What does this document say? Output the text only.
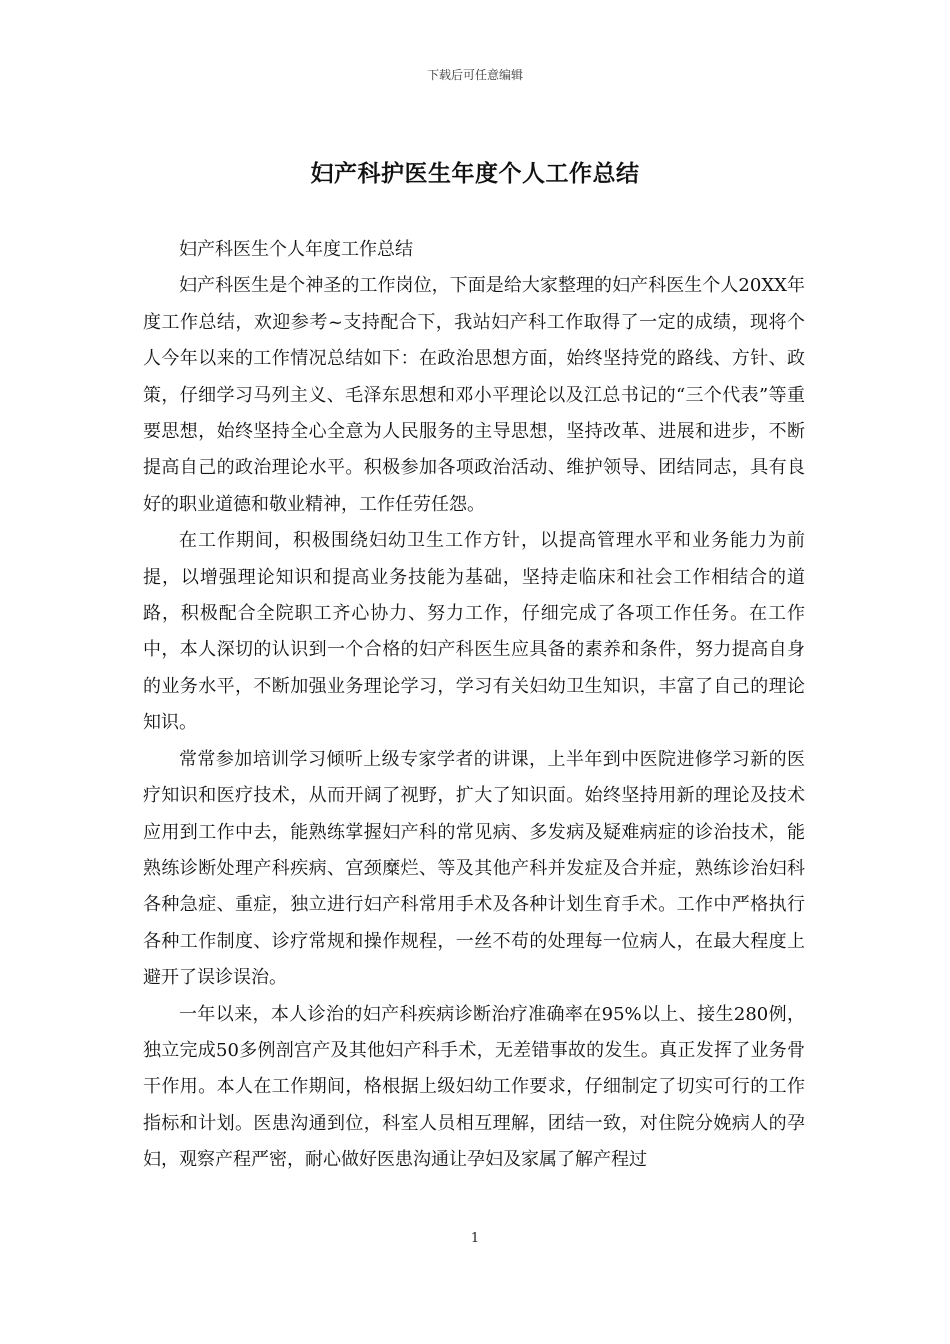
下载后可任意编辑
妇产科护医生年度个人工作总结

妇产科医生个人年度工作总结

妇产科医生是个神圣的工作岗位，下面是给大家整理的妇产科医生个人20XX年度工作总结，欢迎参考~支持配合下，我站妇产科工作取得了一定的成绩，现将个人今年以来的工作情况总结如下：在政治思想方面，始终坚持党的路线、方针、政策，仔细学习马列主义、毛泽东思想和邓小平理论以及江总书记的“三个代表”等重要思想，始终坚持全心全意为人民服务的主导思想，坚持改革、进展和进步，不断提高自己的政治理论水平。积极参加各项政治活动、维护领导、团结同志，具有良好的职业道德和敬业精神，工作任劳任怨。

在工作期间，积极围绕妇幼卫生工作方针，以提高管理水平和业务能力为前提，以增强理论知识和提高业务技能为基础，坚持走临床和社会工作相结合的道路，积极配合全院职工齐心协力、努力工作，仔细完成了各项工作任务。在工作中，本人深切的认识到一个合格的妇产科医生应具备的素养和条件，努力提高自身的业务水平，不断加强业务理论学习，学习有关妇幼卫生知识，丰富了自己的理论知识。

常常参加培训学习倾听上级专家学者的讲课，上半年到中医院进修学习新的医疗知识和医疗技术，从而开阔了视野，扩大了知识面。始终坚持用新的理论及技术应用到工作中去，能熟练掌握妇产科的常见病、多发病及疑难病症的诊治技术，能熟练诊断处理产科疾病、宫颈糜烂、等及其他产科并发症及合并症，熟练诊治妇科各种急症、重症，独立进行妇产科常用手术及各种计划生育手术。工作中严格执行各种工作制度、诊疗常规和操作规程，一丝不苟的处理每一位病人，在最大程度上避开了误诊误治。

一年以来，本人诊治的妇产科疾病诊断治疗准确率在95%以上、接生280例，独立完成50多例剖宫产及其他妇产科手术，无差错事故的发生。真正发挥了业务骨干作用。本人在工作期间，格根据上级妇幼工作要求，仔细制定了切实可行的工作指标和计划。医患沟通到位，科室人员相互理解，团结一致，对住院分娩病人的孕妇，观察产程严密，耐心做好医患沟通让孕妇及家属了解产程过

1
